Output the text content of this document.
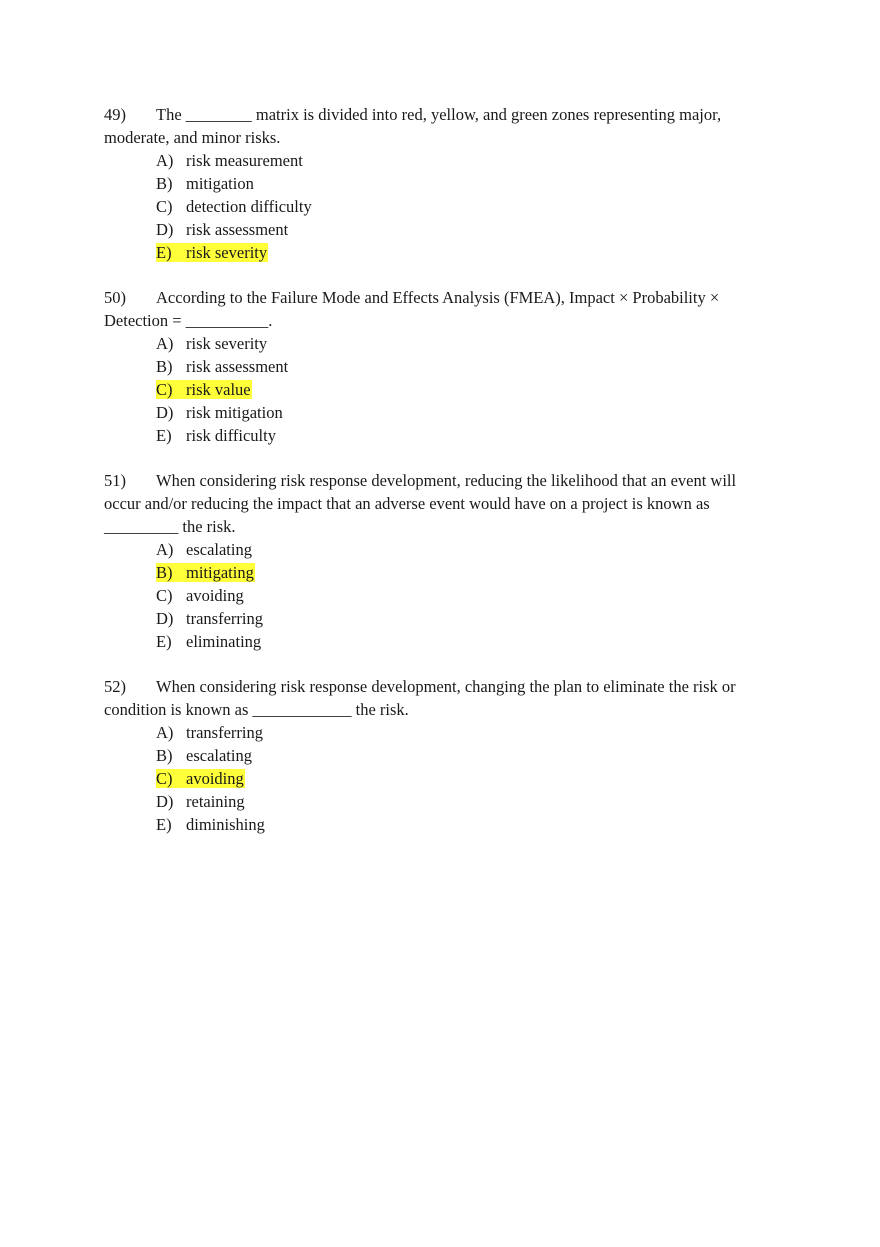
49) The ________ matrix is divided into red, yellow, and green zones representing major, moderate, and minor risks.

A) risk measurement
B) mitigation
C) detection difficulty
D) risk assessment
E) risk severity

50) According to the Failure Mode and Effects Analysis (FMEA), Impact × Probability × Detection = __________.

A) risk severity
B) risk assessment
C) risk value
D) risk mitigation
E) risk difficulty

51) When considering risk response development, reducing the likelihood that an event will occur and/or reducing the impact that an adverse event would have on a project is known as _________ the risk.

A) escalating
B) mitigating
C) avoiding
D) transferring
E) eliminating

52) When considering risk response development, changing the plan to eliminate the risk or condition is known as ____________ the risk.

A) transferring
B) escalating
C) avoiding
D) retaining
E) diminishing
